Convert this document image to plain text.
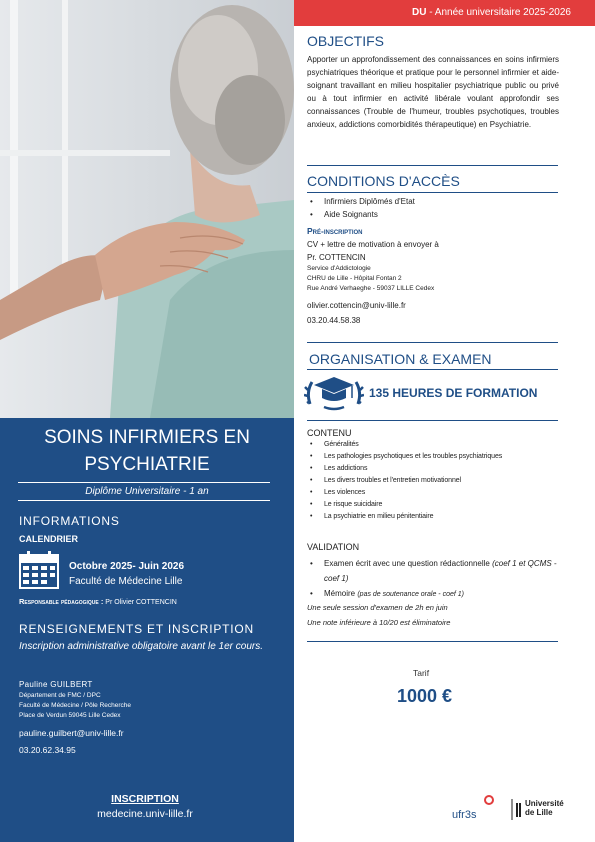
SOINS INFIRMIERS EN
PSYCHIATRIE
Diplôme Universitaire - 1 an
INFORMATIONS
CALENDRIER
Octobre 2025- Juin 2026
Faculté de Médecine Lille
Responsable pédagogique : Pr Olivier COTTENCIN
RENSEIGNEMENTS ET INSCRIPTION
Inscription administrative obligatoire avant le 1er cours.
Pauline GUILBERT
Département de FMC / DPC
Faculté de Médecine / Pôle Recherche
Place de Verdun 59045 Lille Cedex
pauline.guilbert@univ-lille.fr
03.20.62.34.95
INSCRIPTION
medecine.univ-lille.fr
DU - Année universitaire 2025-2026
OBJECTIFS
Apporter un approfondissement des connaissances en soins infirmiers psychiatriques théorique et pratique pour le personnel infirmier et aide-soignant travaillant en milieu hospitalier psychiatrique public ou privé ou à tout infirmier en activité libérale voulant approfondir ses connaissances (Trouble de l'humeur, troubles psychotiques, troubles anxieux, addictions comorbidités thérapeutique) en Psychiatrie.
CONDITIONS D'ACCÈS
• Infirmiers Diplômés d'Etat
• Aide Soignants
Pré-inscription
CV + lettre de motivation à envoyer à
Pr. COTTENCIN
Service d'Addictologie
CHRU de Lille - Hôpital Fontan 2
Rue André Verhaeghe - 59037 LILLE Cedex
olivier.cottencin@univ-lille.fr
03.20.44.58.38
ORGANISATION & EXAMEN
135 HEURES DE FORMATION
CONTENU
• Généralités
• Les pathologies psychotiques et les troubles psychiatriques
• Les addictions
• Les divers troubles et l'entretien motivationnel
• Les violences
• Le risque suicidaire
• La psychiatrie en milieu pénitentiaire
VALIDATION
• Examen écrit avec une question rédactionnelle (coef 1 et QCMS - coef 1)
• Mémoire (pas de soutenance orale - coef 1)
Une seule session d'examen de 2h en juin
Une note inférieure à 10/20 est éliminatoire
Tarif
1000 €
ufr3s
Université
de Lille
